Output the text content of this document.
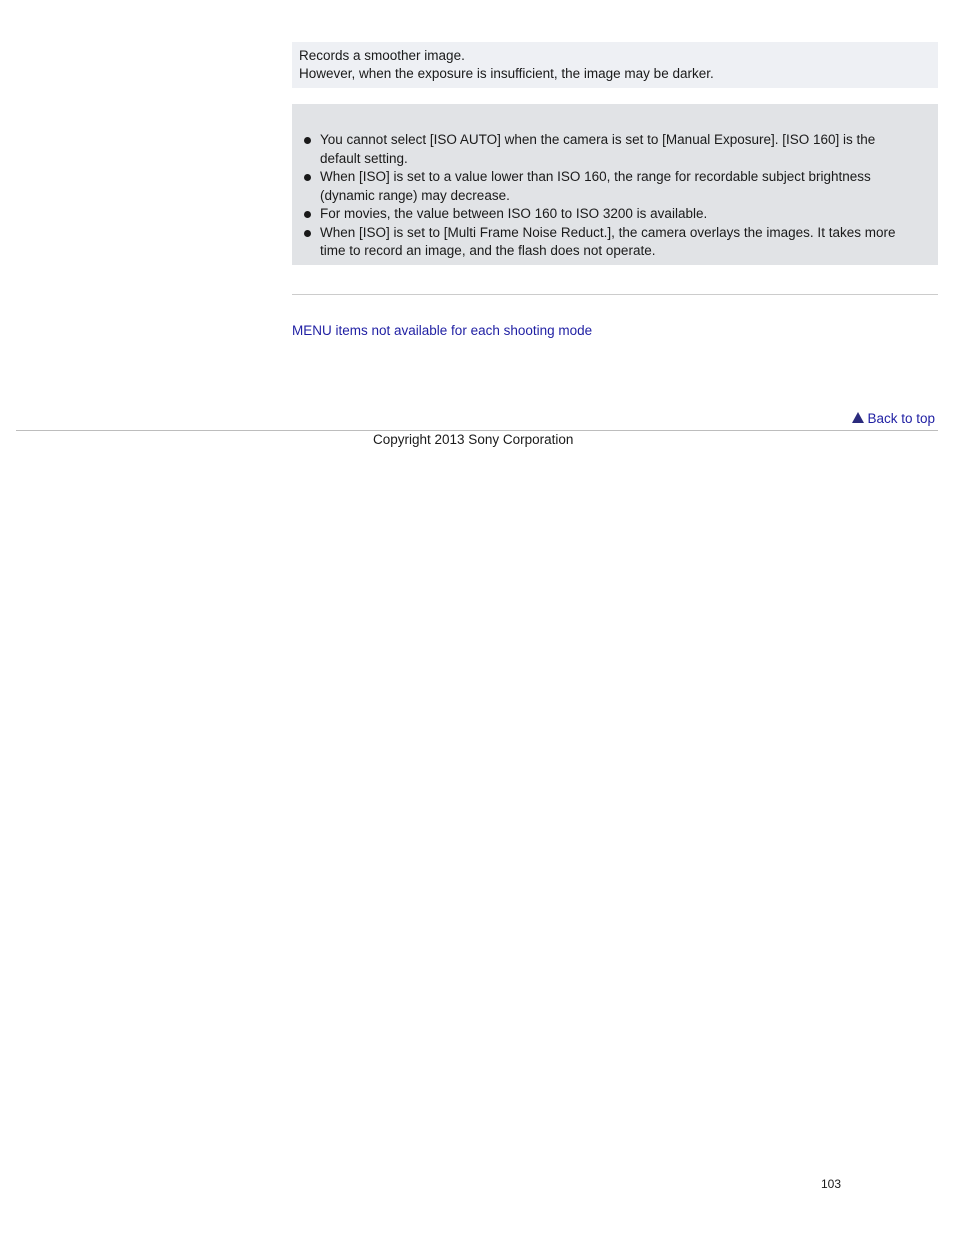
Records a smoother image.

However, when the exposure is insufficient, the image may be darker.

You cannot select [ISO AUTO] when the camera is set to [Manual Exposure]. [ISO 160] is the default setting.
When [ISO] is set to a value lower than ISO 160, the range for recordable subject brightness (dynamic range) may decrease.
For movies, the value between ISO 160 to ISO 3200 is available.
When [ISO] is set to [Multi Frame Noise Reduct.], the camera overlays the images. It takes more time to record an image, and the flash does not operate.
MENU items not available for each shooting mode
Back to top
Copyright 2013 Sony Corporation
103
